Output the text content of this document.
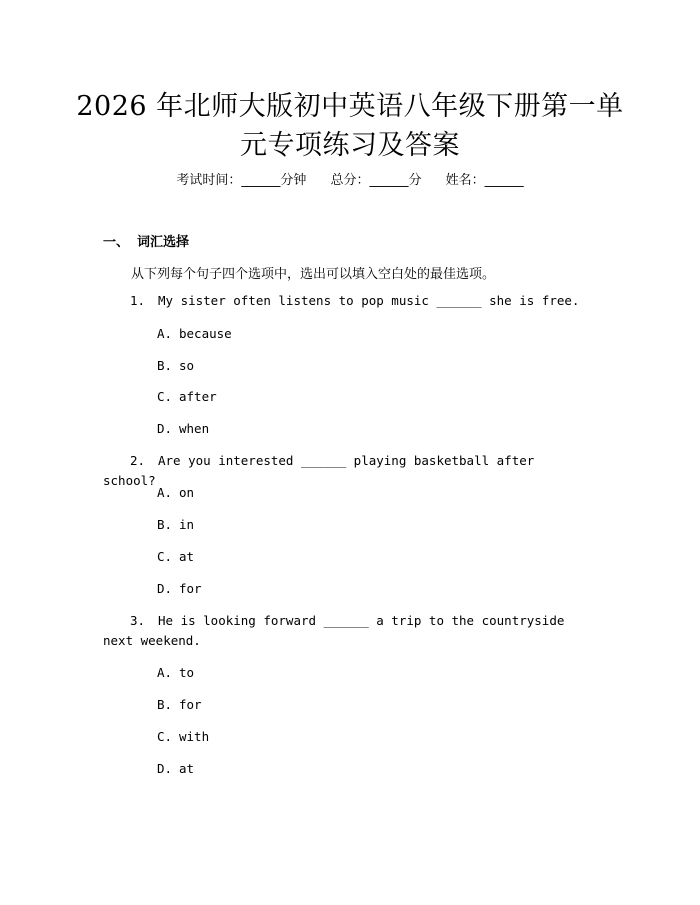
2026 年北师大版初中英语八年级下册第一单
元专项练习及答案
考试时间：______分钟 总分：______分 姓名：______
一、 词汇选择
从下列每个句子四个选项中，选出可以填入空白处的最佳选项。
1. My sister often listens to pop music ______ she is free.
A. because
B. so
C. after
D. when
2. Are you interested ______ playing basketball after school?
A. on
B. in
C. at
D. for
3. He is looking forward ______ a trip to the countryside next weekend.
A. to
B. for
C. with
D. at
